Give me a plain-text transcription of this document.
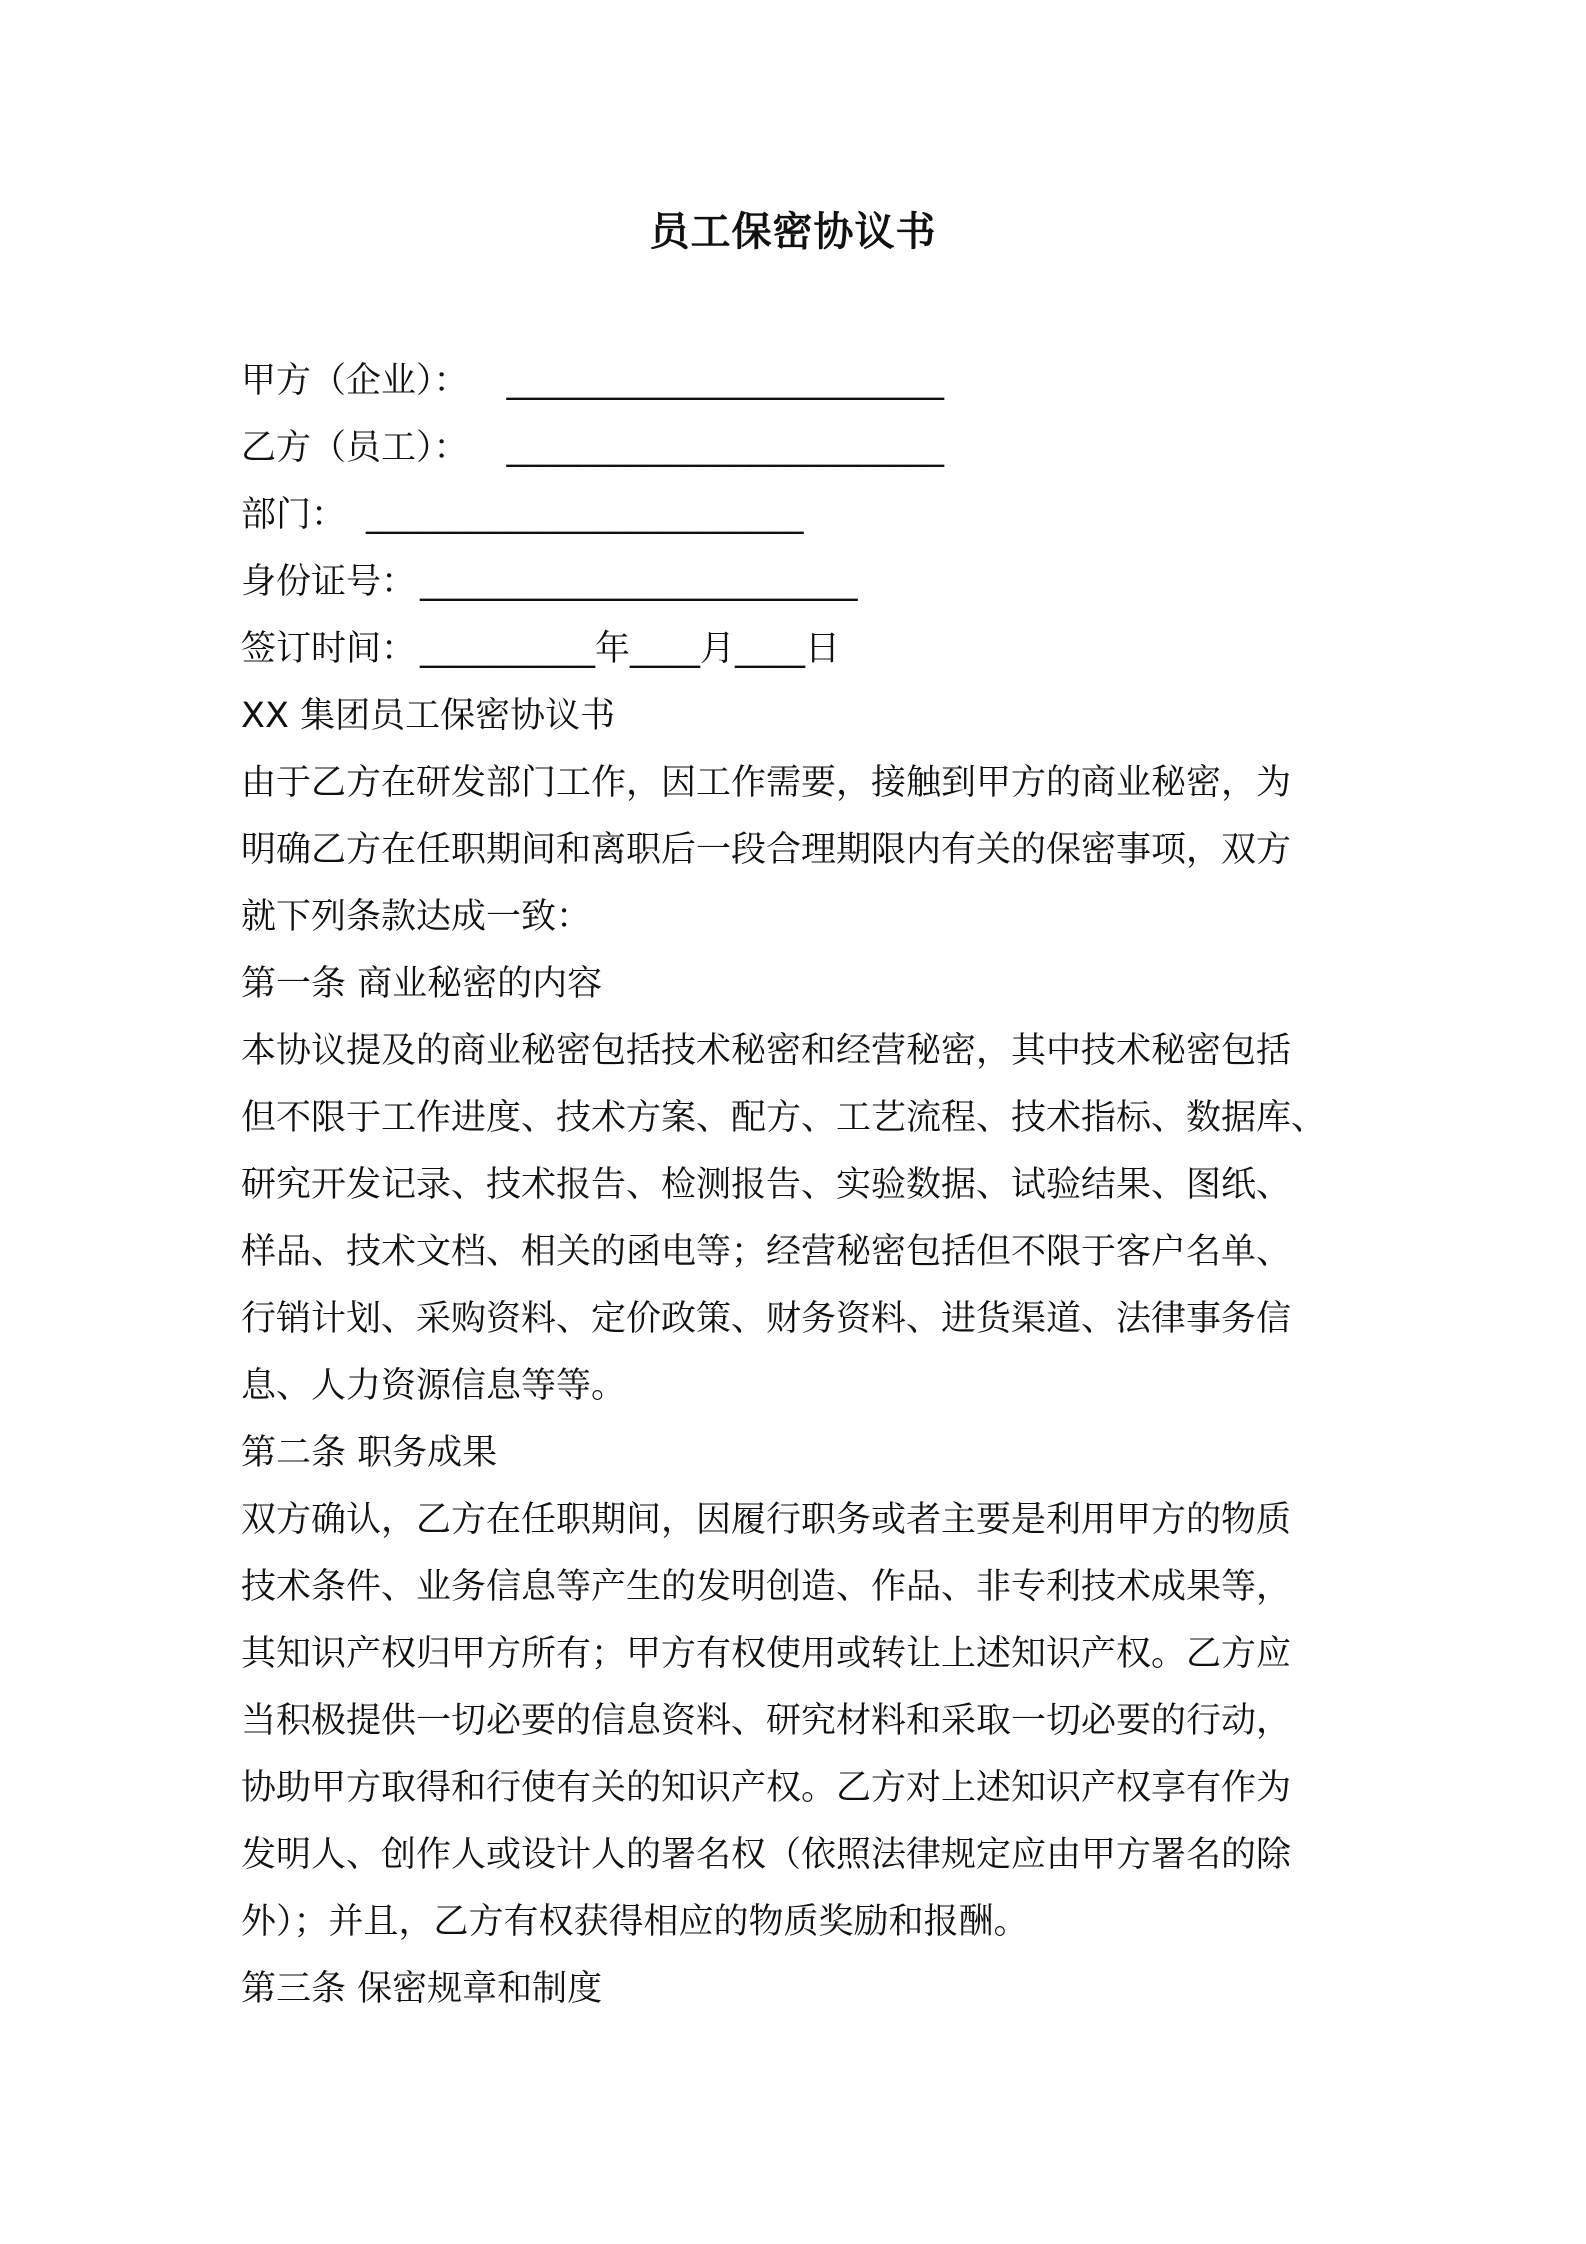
员工保密协议书
甲方（企业）： _________________________
乙方（员工）： _________________________
部门： _________________________
身份证号： _________________________
签订时间： __________年____月____日
XX 集团员工保密协议书
由于乙方在研发部门工作，因工作需要，接触到甲方的商业秘密，为
明确乙方在任职期间和离职后一段合理期限内有关的保密事项，双方
就下列条款达成一致：
第一条 商业秘密的内容
本协议提及的商业秘密包括技术秘密和经营秘密，其中技术秘密包括
但不限于工作进度、技术方案、配方、工艺流程、技术指标、数据库、
研究开发记录、技术报告、检测报告、实验数据、试验结果、图纸、
样品、技术文档、相关的函电等；经营秘密包括但不限于客户名单、
行销计划、采购资料、定价政策、财务资料、进货渠道、法律事务信
息、人力资源信息等等。
第二条 职务成果
双方确认，乙方在任职期间，因履行职务或者主要是利用甲方的物质
技术条件、业务信息等产生的发明创造、作品、非专利技术成果等，
其知识产权归甲方所有；甲方有权使用或转让上述知识产权。乙方应
当积极提供一切必要的信息资料、研究材料和采取一切必要的行动，
协助甲方取得和行使有关的知识产权。乙方对上述知识产权享有作为
发明人、创作人或设计人的署名权（依照法律规定应由甲方署名的除
外）；并且，乙方有权获得相应的物质奖励和报酬。
第三条 保密规章和制度
